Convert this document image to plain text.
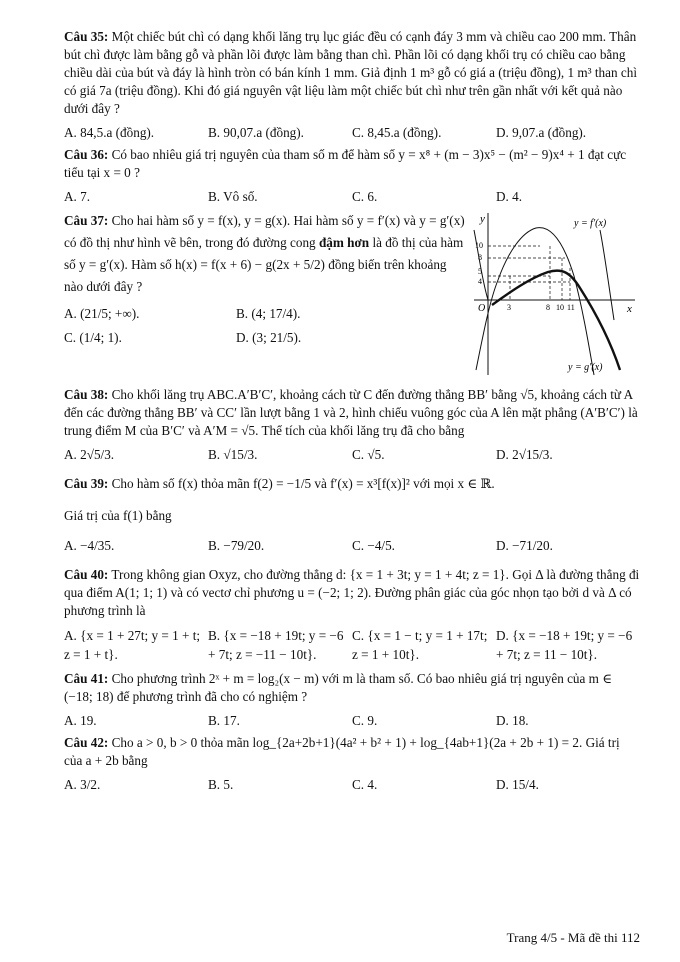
Câu 35: Một chiếc bút chì có dạng khối lăng trụ lục giác đều có cạnh đáy 3 mm và chiều cao 200 mm. Thân bút chì được làm bằng gỗ và phần lõi được làm bằng than chì. Phần lõi có dạng khối trụ có chiều cao bằng chiều dài của bút và đáy là hình tròn có bán kính 1 mm. Giả định 1 m³ gỗ có giá a (triệu đồng), 1 m³ than chì có giá 7a (triệu đồng). Khi đó giá nguyên vật liệu làm một chiếc bút chì như trên gần nhất với kết quả nào dưới đây ?
A. 84,5.a (đồng).	B. 90,07.a (đồng).	C. 8,45.a (đồng).	D. 9,07.a (đồng).
Câu 36: Có bao nhiêu giá trị nguyên của tham số m để hàm số y = x⁸ + (m − 3)x⁵ − (m² − 9)x⁴ + 1 đạt cực tiểu tại x = 0 ?
A. 7.	B. Vô số.	C. 6.	D. 4.
Câu 37: Cho hai hàm số y = f(x), y = g(x). Hai hàm số y = f′(x) và y = g′(x) có đồ thị như hình vẽ bên, trong đó đường cong đậm hơn là đồ thị của hàm số y = g′(x). Hàm số h(x) = f(x + 6) − g(2x + 5/2) đồng biến trên khoảng nào dưới đây ?
A. (21/5; +∞).	B. (4; 17/4).
C. (1/4; 1).	D. (3; 21/5).
y
x
O
10
8
5
4
3	8 10 11
y = f′(x)
y = g′(x)
Câu 38: Cho khối lăng trụ ABC.A′B′C′, khoảng cách từ C đến đường thẳng BB′ bằng √5, khoảng cách từ A đến các đường thẳng BB′ và CC′ lần lượt bằng 1 và 2, hình chiếu vuông góc của A lên mặt phẳng (A′B′C′) là trung điểm M của B′C′ và A′M = √5. Thể tích của khối lăng trụ đã cho bằng
A. 2√5/3.	B. √15/3.	C. √5.	D. 2√15/3.
Câu 39: Cho hàm số f(x) thỏa mãn f(2) = −1/5 và f′(x) = x³[f(x)]² với mọi x ∈ ℝ.
Giá trị của f(1) bằng
A. −4/35.	B. −79/20.	C. −4/5.	D. −71/20.
Câu 40: Trong không gian Oxyz, cho đường thẳng d: {x = 1 + 3t; y = 1 + 4t; z = 1}. Gọi Δ là đường thẳng đi qua điểm A(1; 1; 1) và có vectơ chỉ phương u = (−2; 1; 2). Đường phân giác của góc nhọn tạo bởi d và Δ có phương trình là
A. {x = 1 + 27t; y = 1 + t; z = 1 + t}.
B. {x = −18 + 19t; y = −6 + 7t; z = −11 − 10t}.
C. {x = 1 − t; y = 1 + 17t; z = 1 + 10t}.
D. {x = −18 + 19t; y = −6 + 7t; z = 11 − 10t}.
Câu 41: Cho phương trình 2ˣ + m = log₂(x − m) với m là tham số. Có bao nhiêu giá trị nguyên của m ∈ (−18; 18) để phương trình đã cho có nghiệm ?
A. 19.	B. 17.	C. 9.	D. 18.
Câu 42: Cho a > 0, b > 0 thỏa mãn log_{2a+2b+1}(4a² + b² + 1) + log_{4ab+1}(2a + 2b + 1) = 2. Giá trị của a + 2b bằng
A. 3/2.	B. 5.	C. 4.	D. 15/4.
Trang 4/5 - Mã đề thi 112
